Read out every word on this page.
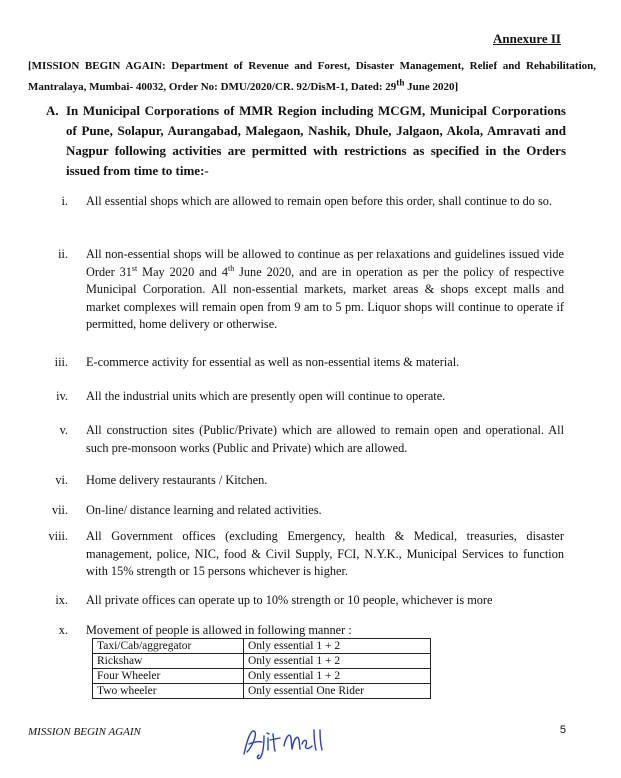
Annexure II
[MISSION BEGIN AGAIN: Department of Revenue and Forest, Disaster Management, Relief and Rehabilitation, Mantralaya, Mumbai- 40032, Order No: DMU/2020/CR. 92/DisM-1, Dated: 29th June 2020]
A. In Municipal Corporations of MMR Region including MCGM, Municipal Corporations of Pune, Solapur, Aurangabad, Malegaon, Nashik, Dhule, Jalgaon, Akola, Amravati and Nagpur following activities are permitted with restrictions as specified in the Orders issued from time to time:-
i. All essential shops which are allowed to remain open before this order, shall continue to do so.
ii. All non-essential shops will be allowed to continue as per relaxations and guidelines issued vide Order 31st May 2020 and 4th June 2020, and are in operation as per the policy of respective Municipal Corporation. All non-essential markets, market areas & shops except malls and market complexes will remain open from 9 am to 5 pm. Liquor shops will continue to operate if permitted, home delivery or otherwise.
iii. E-commerce activity for essential as well as non-essential items & material.
iv. All the industrial units which are presently open will continue to operate.
v. All construction sites (Public/Private) which are allowed to remain open and operational. All such pre-monsoon works (Public and Private) which are allowed.
vi. Home delivery restaurants / Kitchen.
vii. On-line/ distance learning and related activities.
viii. All Government offices (excluding Emergency, health & Medical, treasuries, disaster management, police, NIC, food & Civil Supply, FCI, N.Y.K., Municipal Services to function with 15% strength or 15 persons whichever is higher.
ix. All private offices can operate up to 10% strength or 10 people, whichever is more
x. Movement of people is allowed in following manner :
Taxi/Cab/aggregator	Only essential 1 + 2
Rickshaw	Only essential 1 + 2
Four Wheeler	Only essential 1 + 2
Two wheeler	Only essential One Rider
MISSION BEGIN AGAIN	5
